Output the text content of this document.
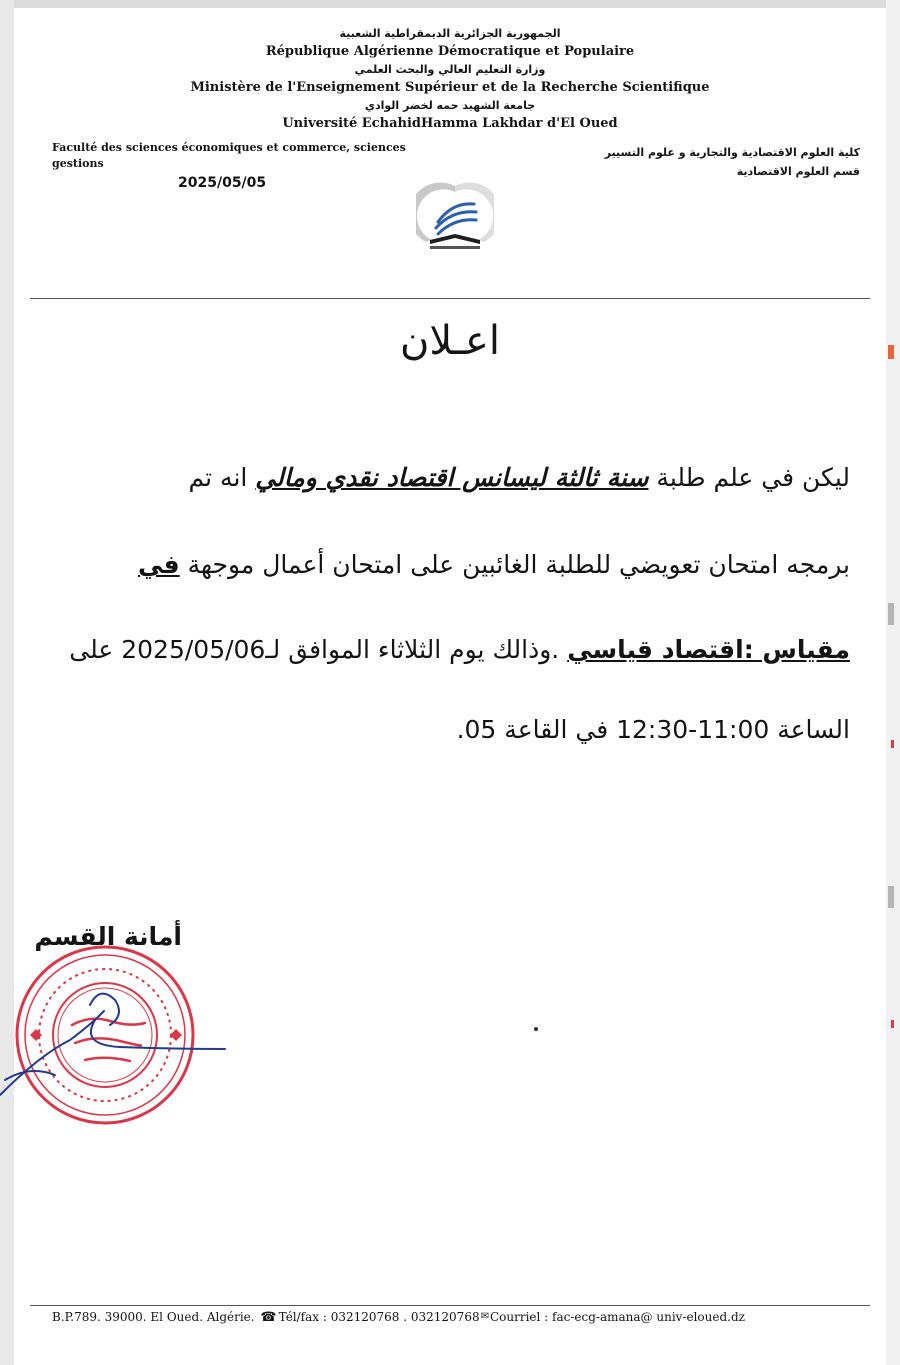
الجمهورية الجزائرية الديمقراطية الشعبية
République Algérienne Démocratique et Populaire
وزارة التعليم العالي والبحث العلمي
Ministère de l'Enseignement Supérieur et de la Recherche Scientifique
جامعة الشهيد حمه لخضر الوادي
Université EchahidHamma Lakhdar d'El Oued
Faculté des sciences économiques et commerce, sciences
gestions
2025/05/05
كلية العلوم الاقتصادية والتجارية و علوم التسيير
قسم العلوم الاقتصادية
اعـلان
ليكن في علم طلبة سنة ثالثة ليسانس اقتصاد نقدي ومالي انه تم
برمجه امتحان تعويضي للطلبة الغائبين على امتحان أعمال موجهة في
مقياس :اقتصاد قياسي .وذالك يوم الثلاثاء الموافق لـ2025/05/06 على
الساعة 11:00-12:30 في القاعة 05.
أمانة القسم
B.P.789. 39000. El Oued. Algérie. ☎ Tél/fax : 032120768 . 032120768✉Courriel : fac-ecg-amana@ univ-eloued.dz
